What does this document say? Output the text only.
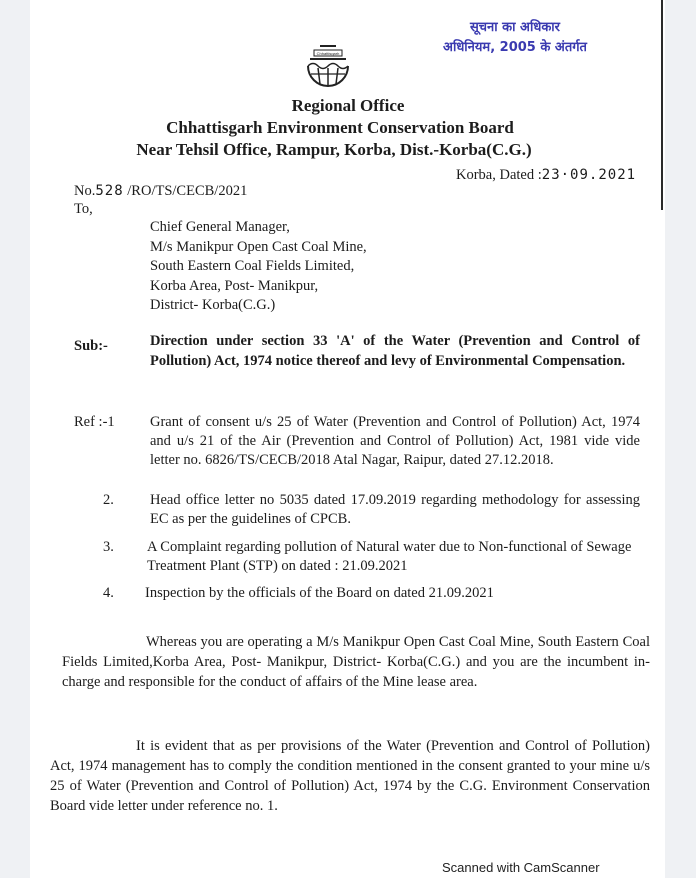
सूचना का अधिकार
अधिनियम, 2005 के अंतर्गत
Chhattisgarh
Regional Office
Chhattisgarh Environment Conservation Board
Near Tehsil Office, Rampur, Korba, Dist.-Korba(C.G.)
Korba, Dated :23·09.2021
No.528 /RO/TS/CECB/2021
To,
Chief General Manager,
M/s Manikpur Open Cast Coal Mine,
South Eastern Coal Fields Limited,
Korba Area, Post- Manikpur,
District- Korba(C.G.)
Sub:-	Direction under section 33 'A' of the Water (Prevention and Control of Pollution) Act, 1974 notice thereof and levy of Environmental Compensation.
Ref :-1 Grant of consent u/s 25 of Water (Prevention and Control of Pollution) Act, 1974 and u/s 21 of the Air (Prevention and Control of Pollution) Act, 1981 vide vide letter no. 6826/TS/CECB/2018 Atal Nagar, Raipur, dated 27.12.2018.
2. Head office letter no 5035 dated 17.09.2019 regarding methodology for assessing EC as per the guidelines of CPCB.
3. A Complaint regarding pollution of Natural water due to Non-functional of Sewage Treatment Plant (STP) on dated : 21.09.2021
4. Inspection by the officials of the Board on dated 21.09.2021
Whereas you are operating a M/s Manikpur Open Cast Coal Mine, South Eastern Coal Fields Limited,Korba Area, Post- Manikpur, District- Korba(C.G.) and you are the incumbent in-charge and responsible for the conduct of affairs of the Mine lease area.
It is evident that as per provisions of the Water (Prevention and Control of Pollution) Act, 1974 management has to comply the condition mentioned in the consent granted to your mine u/s 25 of Water (Prevention and Control of Pollution) Act, 1974 by the C.G. Environment Conservation Board vide letter under reference no. 1.
Scanned with CamScanner
